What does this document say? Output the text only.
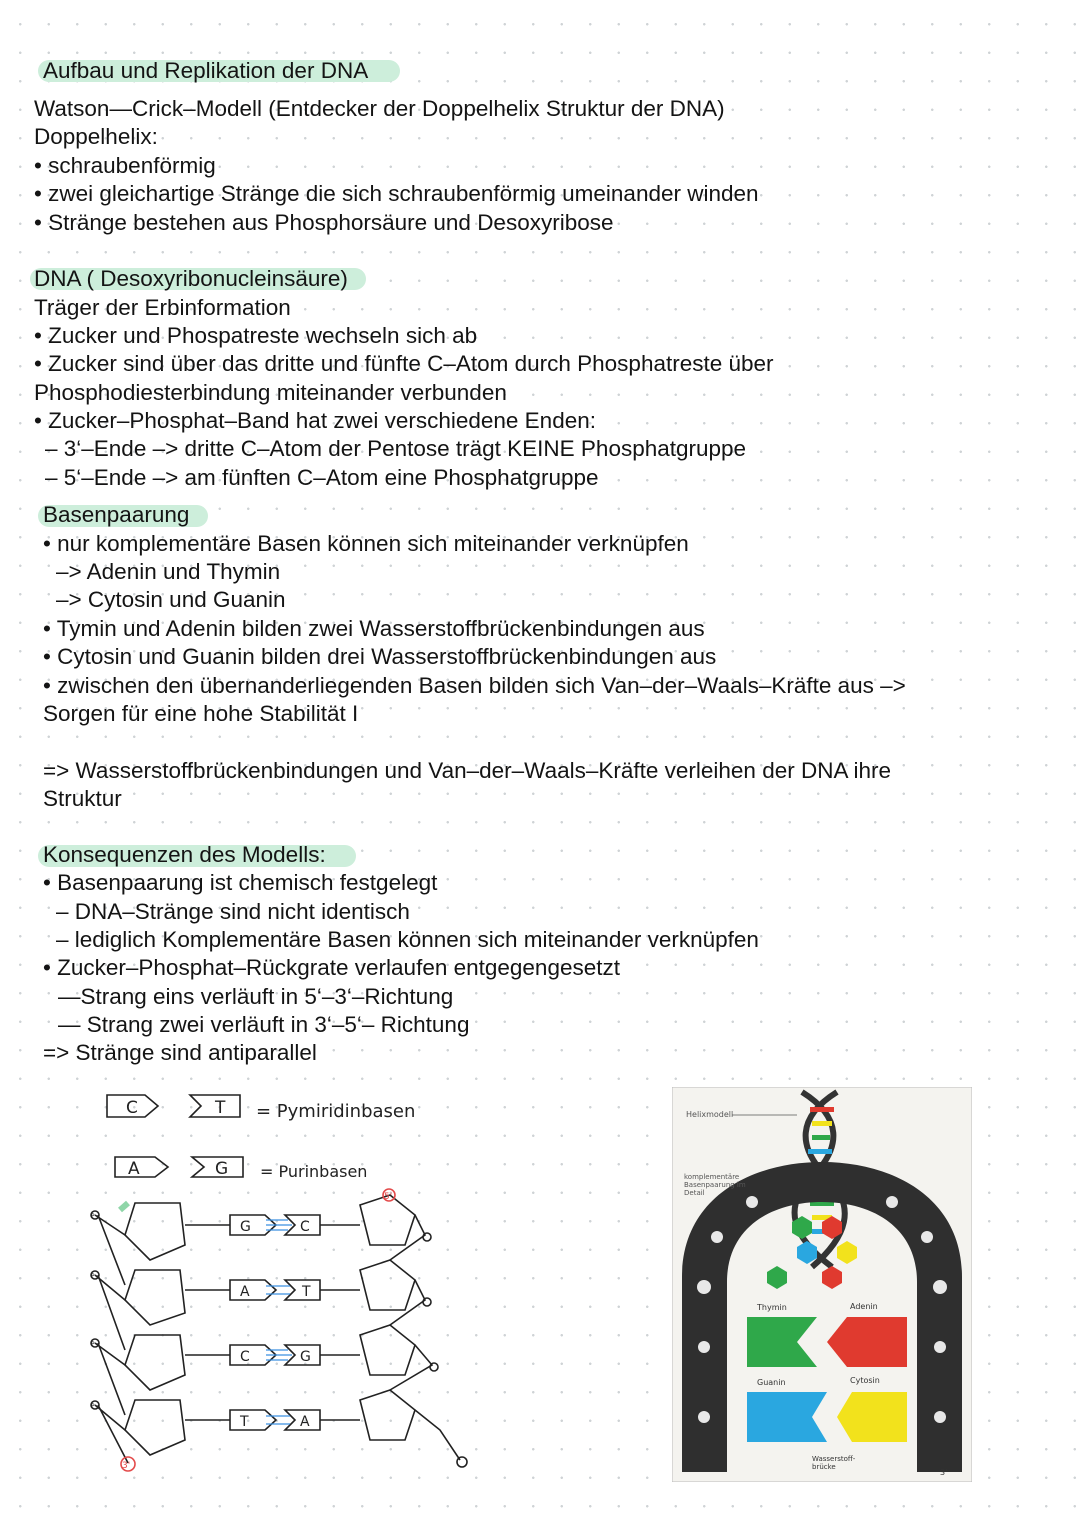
Aufbau und Replikation der DNA
Watson—Crick–Modell (Entdecker der Doppelhelix Struktur der DNA)
Doppelhelix:
• schraubenförmig
• zwei gleichartige Stränge die sich schraubenförmig umeinander winden
• Stränge bestehen aus Phosphorsäure und Desoxyribose
DNA ( Desoxyribonucleinsäure)
Träger der Erbinformation
• Zucker und Phospatreste wechseln sich ab
• Zucker sind über das dritte und fünfte C–Atom durch Phosphatreste über
Phosphodiesterbindung miteinander verbunden
• Zucker–Phosphat–Band hat zwei verschiedene Enden:
– 3‘–Ende –> dritte C–Atom der Pentose trägt KEINE Phosphatgruppe
– 5‘–Ende –> am fünften C–Atom eine Phosphatgruppe
Basenpaarung
• nur komplementäre Basen können sich miteinander verknüpfen
–> Adenin und Thymin
–> Cytosin und Guanin
• Tymin und Adenin bilden zwei Wasserstoffbrückenbindungen aus
• Cytosin und Guanin bilden drei Wasserstoffbrückenbindungen aus
• zwischen den übernanderliegenden Basen bilden sich Van–der–Waals–Kräfte aus –>
Sorgen für eine hohe Stabilität I
=> Wasserstoffbrückenbindungen und Van–der–Waals–Kräfte verleihen der DNA ihre
Struktur
Konsequenzen des Modells:
• Basenpaarung ist chemisch festgelegt
– DNA–Stränge sind nicht identisch
– lediglich Komplementäre Basen können sich miteinander verknüpfen
• Zucker–Phosphat–Rückgrate verlaufen entgegengesetzt
—Strang eins verläuft in 5‘–3‘–Richtung
— Strang zwei verläuft in 3‘–5‘– Richtung
=> Stränge sind antiparallel
C	T
A	G
= Pymiridinbasen
= Purinbasen
G	C
A	T
C	G
T	A
P
P
P
P
3'
5'
Helixmodell
komplementäre Basenpaarung im Detail
Thymin	Adenin
Guanin	Cytosin
Wasserstoff-brücke
3'
